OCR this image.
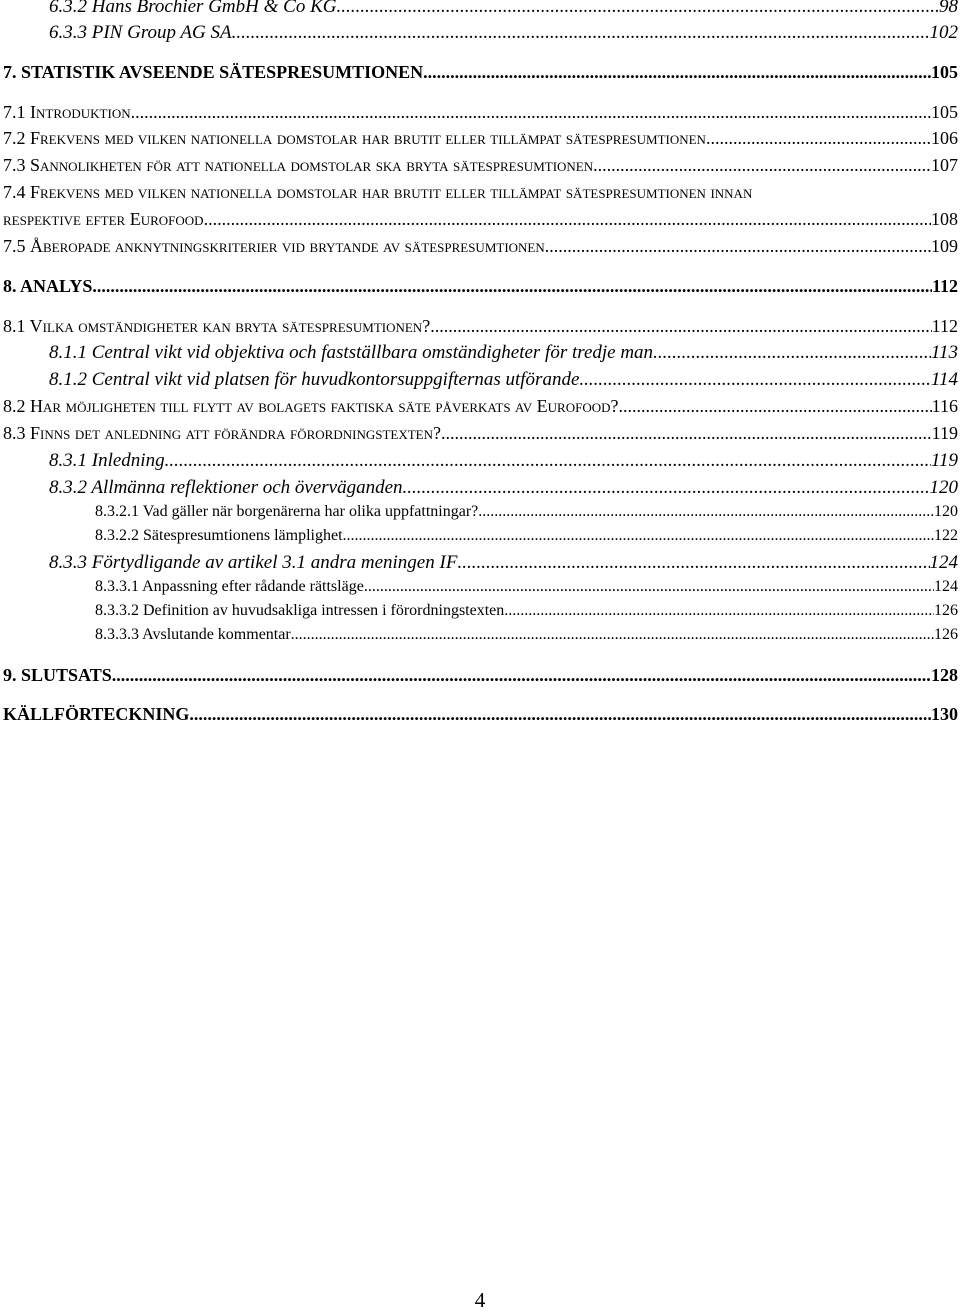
6.3.2 Hans Brochier GmbH & Co KG. .....	98
6.3.3 PIN Group AG SA. .....	102
7. STATISTIK AVSEENDE SÄTESPRESUMTIONEN .....	105
7.1 Introduktion .....	105
7.2 Frekvens med vilken nationella domstolar har brutit eller tillämpat sätespresumtionen .....	106
7.3 Sannolikheten för att nationella domstolar ska bryta sätespresumtionen .....	107
7.4 Frekvens med vilken nationella domstolar har brutit eller tillämpat sätespresumtionen innan
respektive efter Eurofood .....	108
7.5 Åberopade anknytningskriterier vid brytande av sätespresumtionen .....	109
8. ANALYS .....	112
8.1 Vilka omständigheter kan bryta sätespresumtionen? .....	112
8.1.1 Central vikt vid objektiva och fastställbara omständigheter för tredje man .....	113
8.1.2 Central vikt vid platsen för huvudkontorsuppgifternas utförande .....	114
8.2 Har möjligheten till flytt av bolagets faktiska säte påverkats av Eurofood? .....	116
8.3 Finns det anledning att förändra förordningstexten? .....	119
8.3.1 Inledning .....	119
8.3.2 Allmänna reflektioner och överväganden .....	120
8.3.2.1 Vad gäller när borgenärerna har olika uppfattningar? .....	120
8.3.2.2 Sätespresumtionens lämplighet .....	122
8.3.3 Förtydligande av artikel 3.1 andra meningen IF .....	124
8.3.3.1 Anpassning efter rådande rättsläge .....	124
8.3.3.2 Definition av huvudsakliga intressen i förordningstexten .....	126
8.3.3.3 Avslutande kommentar .....	126
9. SLUTSATS .....	128
KÄLLFÖRTECKNING .....	130
4
